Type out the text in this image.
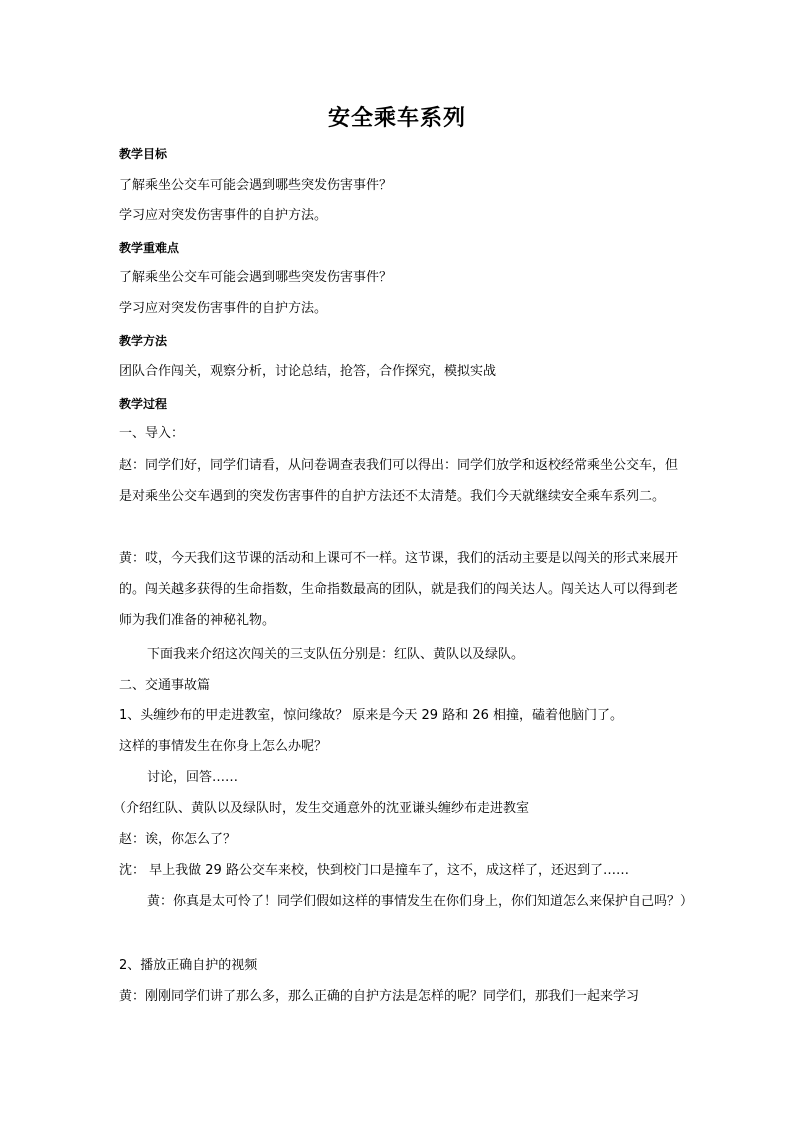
安全乘车系列
教学目标
了解乘坐公交车可能会遇到哪些突发伤害事件？
学习应对突发伤害事件的自护方法。
教学重难点
了解乘坐公交车可能会遇到哪些突发伤害事件？
学习应对突发伤害事件的自护方法。
教学方法
团队合作闯关，观察分析，讨论总结，抢答，合作探究，模拟实战
教学过程
一、导入：
赵：同学们好，同学们请看，从问卷调查表我们可以得出：同学们放学和返校经常乘坐公交车，但是对乘坐公交车遇到的突发伤害事件的自护方法还不太清楚。我们今天就继续安全乘车系列二。
黄：哎，今天我们这节课的活动和上课可不一样。这节课，我们的活动主要是以闯关的形式来展开的。闯关越多获得的生命指数，生命指数最高的团队，就是我们的闯关达人。闯关达人可以得到老师为我们准备的神秘礼物。
下面我来介绍这次闯关的三支队伍分别是：红队、黄队以及绿队。
二、交通事故篇
1、头缠纱布的甲走进教室，惊问缘故？ 原来是今天 29 路和 26 相撞，磕着他脑门了。
这样的事情发生在你身上怎么办呢？
讨论，回答……
（介绍红队、黄队以及绿队时，发生交通意外的沈亚谦头缠纱布走进教室
赵：诶，你怎么了？
沈： 早上我做 29 路公交车来校，快到校门口是撞车了，这不，成这样了，还迟到了……
黄：你真是太可怜了！同学们假如这样的事情发生在你们身上，你们知道怎么来保护自己吗？）
2、播放正确自护的视频
黄：刚刚同学们讲了那么多，那么正确的自护方法是怎样的呢？同学们，那我们一起来学习
